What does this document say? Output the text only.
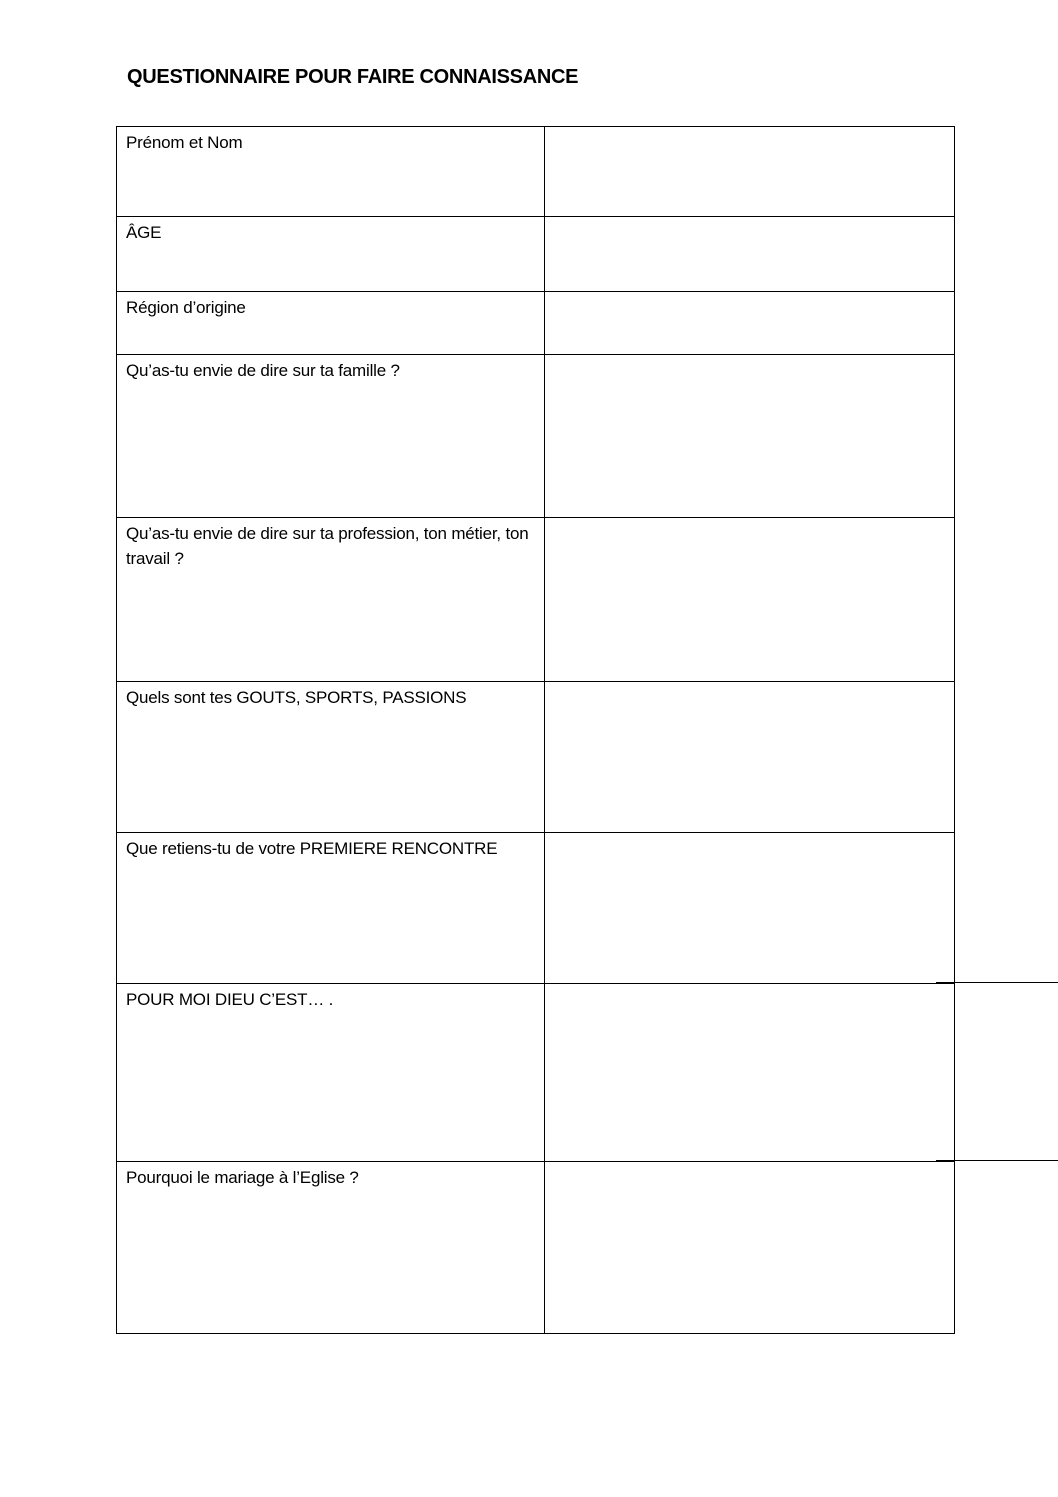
QUESTIONNAIRE POUR FAIRE CONNAISSANCE
Prénom et Nom	
ÂGE	
Région d’origine	
Qu’as-tu envie de dire sur ta famille ?	
Qu’as-tu envie de dire sur ta profession, ton métier, ton travail ?	
Quels sont tes GOUTS, SPORTS, PASSIONS	
Que retiens-tu de votre PREMIERE RENCONTRE	
POUR MOI DIEU C’EST… .	
Pourquoi le mariage à l’Eglise ?	
